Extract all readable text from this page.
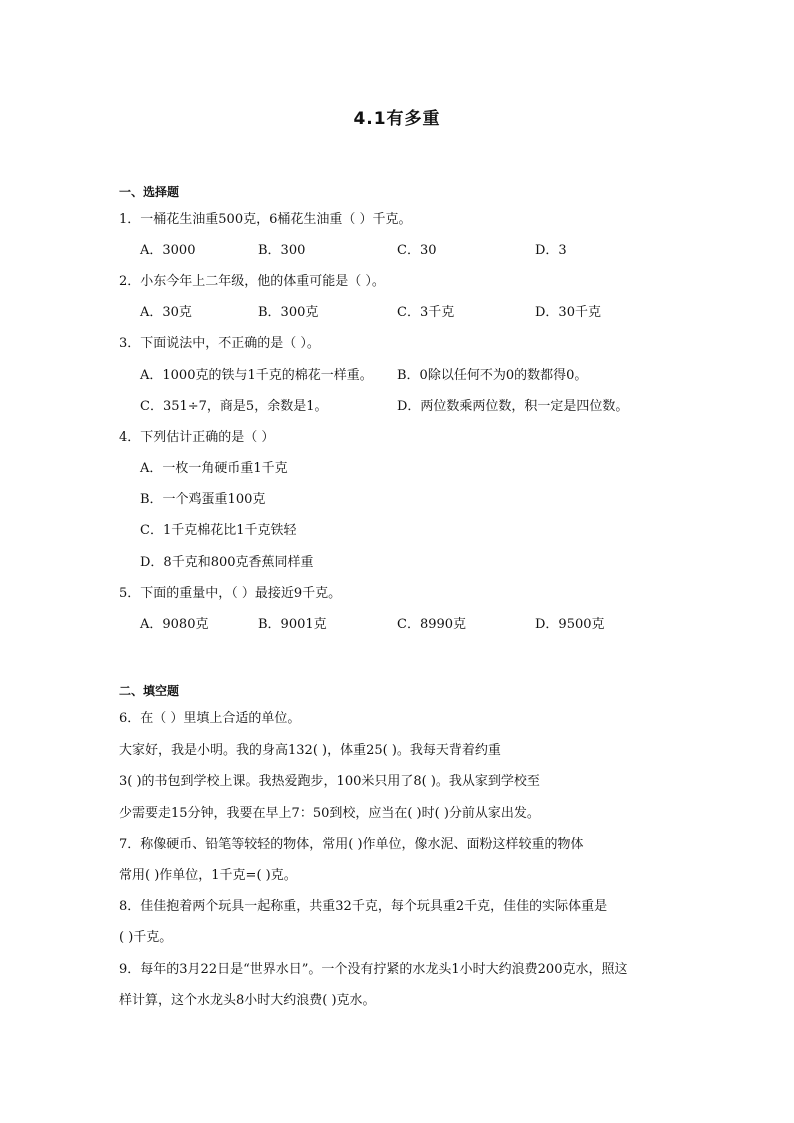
4.1有多重
一、选择题
1．一桶花生油重500克，6桶花生油重（ ）千克。
A．3000	B．300	C．30	D．3
2．小东今年上二年级，他的体重可能是（ ）。
A．30克	B．300克	C．3千克	D．30千克
3．下面说法中，不正确的是（ ）。
A．1000克的铁与1千克的棉花一样重。 B．0除以任何不为0的数都得0。
C．351÷7，商是5，余数是1。	D．两位数乘两位数，积一定是四位数。
4．下列估计正确的是（ ）
A．一枚一角硬币重1千克
B．一个鸡蛋重100克
C．1千克棉花比1千克铁轻
D．8千克和800克香蕉同样重
5．下面的重量中，（ ）最接近9千克。
A．9080克	B．9001克	C．8990克	D．9500克
二、填空题
6．在（ ）里填上合适的单位。
大家好，我是小明。我的身高132( )，体重25( )。我每天背着约重
3( )的书包到学校上课。我热爱跑步，100米只用了8( )。我从家到学校至
少需要走15分钟，我要在早上7：50到校，应当在( )时( )分前从家出发。
7．称像硬币、铅笔等较轻的物体，常用( )作单位，像水泥、面粉这样较重的物体
常用( )作单位，1千克=( )克。
8．佳佳抱着两个玩具一起称重，共重32千克，每个玩具重2千克，佳佳的实际体重是
( )千克。
9．每年的3月22日是“世界水日”。一个没有拧紧的水龙头1小时大约浪费200克水，照这
样计算，这个水龙头8小时大约浪费( )克水。
